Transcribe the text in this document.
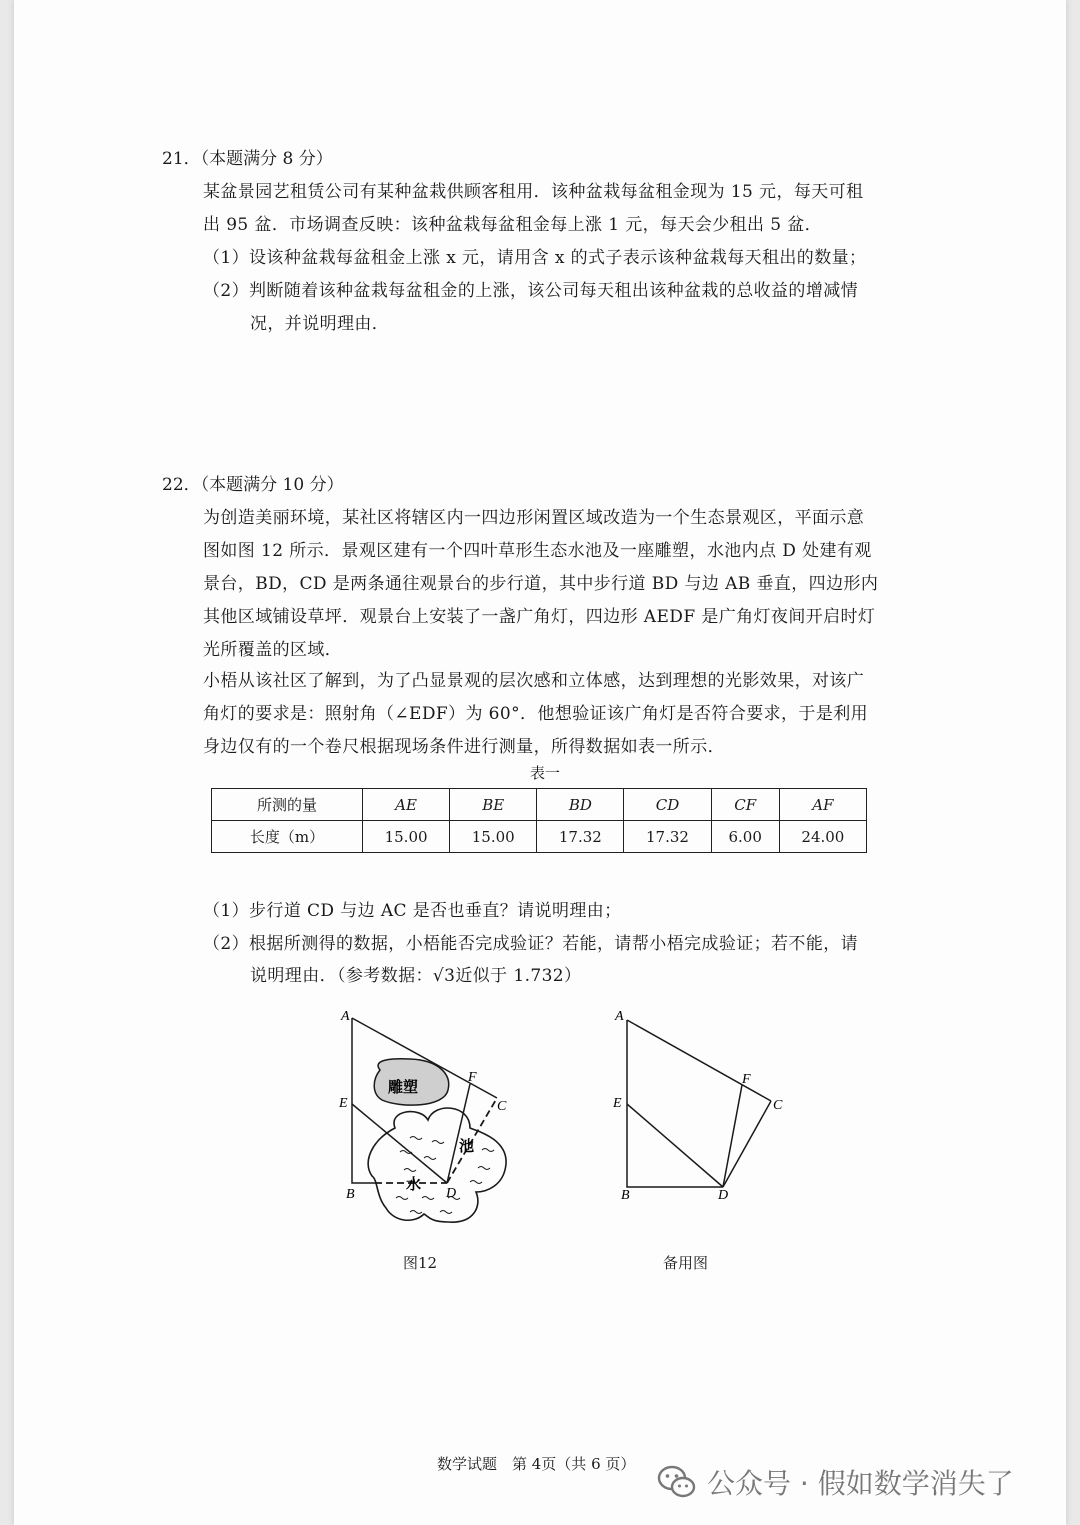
21．（本题满分 8 分）
某盆景园艺租赁公司有某种盆栽供顾客租用．该种盆栽每盆租金现为 15 元，每天可租
出 95 盆．市场调查反映：该种盆栽每盆租金每上涨 1 元，每天会少租出 5 盆．
（1）设该种盆栽每盆租金上涨 x 元，请用含 x 的式子表示该种盆栽每天租出的数量；
（2）判断随着该种盆栽每盆租金的上涨，该公司每天租出该种盆栽的总收益的增减情
况，并说明理由．
22．（本题满分 10 分）
为创造美丽环境，某社区将辖区内一四边形闲置区域改造为一个生态景观区，平面示意
图如图 12 所示．景观区建有一个四叶草形生态水池及一座雕塑，水池内点 D 处建有观
景台，BD，CD 是两条通往观景台的步行道，其中步行道 BD 与边 AB 垂直，四边形内
其他区域铺设草坪．观景台上安装了一盏广角灯，四边形 AEDF 是广角灯夜间开启时灯
光所覆盖的区域．
小梧从该社区了解到，为了凸显景观的层次感和立体感，达到理想的光影效果，对该广
角灯的要求是：照射角（∠EDF）为 60°．他想验证该广角灯是否符合要求，于是利用
身边仅有的一个卷尺根据现场条件进行测量，所得数据如表一所示．
表一
所测的量	AE	BE	BD	CD	CF	AF
长度（m）	15.00	15.00	17.32	17.32	6.00	24.00
（1）步行道 CD 与边 AC 是否也垂直？请说明理由；
（2）根据所测得的数据，小梧能否完成验证？若能，请帮小梧完成验证；若不能，请
说明理由．（参考数据：√3近似于 1.732）
A
E
B	D
F
C
雕塑
池
水
图12
A
E
B	D
F
C
备用图
数学试题　第 4页（共 6 页）
公众号 · 假如数学消失了
